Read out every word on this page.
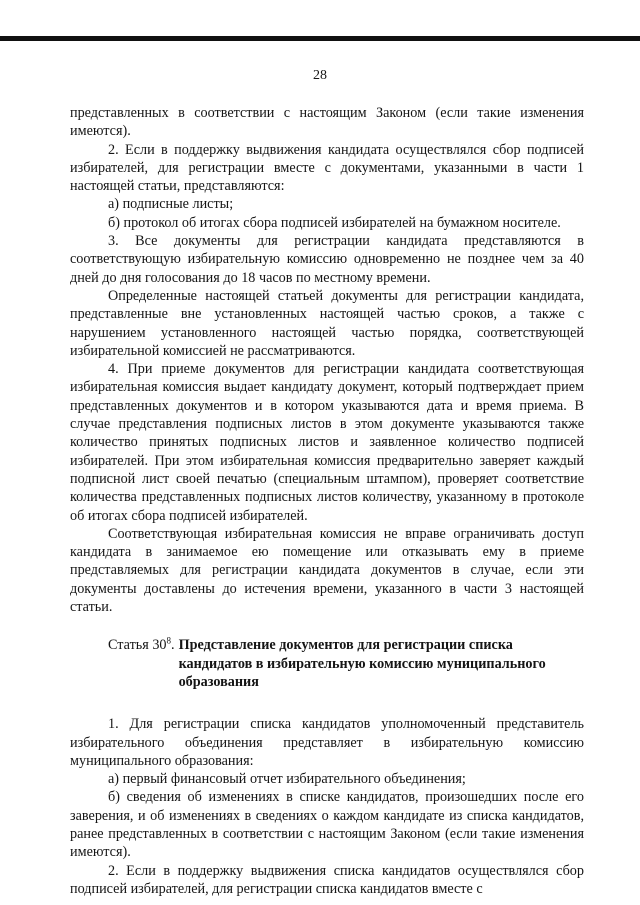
28

представленных в соответствии с настоящим Законом (если такие изменения имеются).

2. Если в поддержку выдвижения кандидата осуществлялся сбор подписей избирателей, для регистрации вместе с документами, указанными в части 1 настоящей статьи, представляются:

а) подписные листы;

б) протокол об итогах сбора подписей избирателей на бумажном носителе.

3. Все документы для регистрации кандидата представляются в соответствующую избирательную комиссию одновременно не позднее чем за 40 дней до дня голосования до 18 часов по местному времени.

Определенные настоящей статьей документы для регистрации кандидата, представленные вне установленных настоящей частью сроков, а также с нарушением установленного настоящей частью порядка, соответствующей избирательной комиссией не рассматриваются.

4. При приеме документов для регистрации кандидата соответствующая избирательная комиссия выдает кандидату документ, который подтверждает прием представленных документов и в котором указываются дата и время приема. В случае представления подписных листов в этом документе указываются также количество принятых подписных листов и заявленное количество подписей избирателей. При этом избирательная комиссия предварительно заверяет каждый подписной лист своей печатью (специальным штампом), проверяет соответствие количества представленных подписных листов количеству, указанному в протоколе об итогах сбора подписей избирателей.

Соответствующая избирательная комиссия не вправе ограничивать доступ кандидата в занимаемое ею помещение или отказывать ему в приеме представляемых для регистрации кандидата документов в случае, если эти документы доставлены до истечения времени, указанного в части 3 настоящей статьи.

Статья $30^8$. Представление документов для регистрации списка
кандидатов в избирательную комиссию муниципального
образования

1. Для регистрации списка кандидатов уполномоченный представитель избирательного объединения представляет в избирательную комиссию муниципального образования:

а) первый финансовый отчет избирательного объединения;

б) сведения об изменениях в списке кандидатов, произошедших после его заверения, и об изменениях в сведениях о каждом кандидате из списка кандидатов, ранее представленных в соответствии с настоящим Законом (если такие изменения имеются).

2. Если в поддержку выдвижения списка кандидатов осуществлялся сбор подписей избирателей, для регистрации списка кандидатов вместе с
